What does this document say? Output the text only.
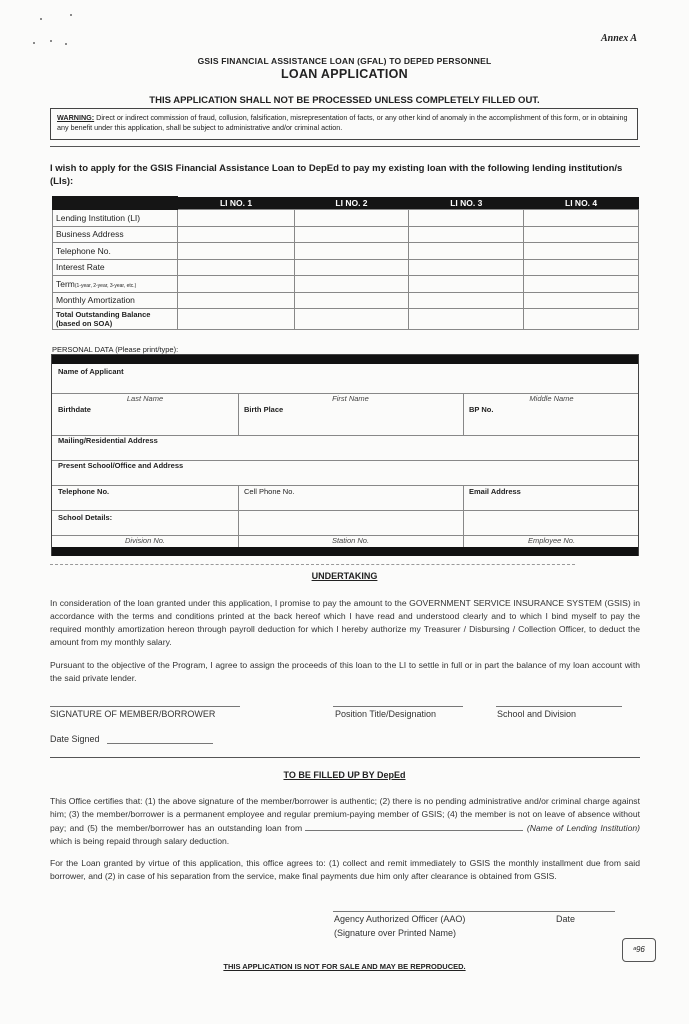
Annex A
GSIS FINANCIAL ASSISTANCE LOAN (GFAL) TO DEPED PERSONNEL
LOAN APPLICATION
THIS APPLICATION SHALL NOT BE PROCESSED UNLESS COMPLETELY FILLED OUT.
WARNING: Direct or indirect commission of fraud, collusion, falsification, misrepresentation of facts, or any other kind of anomaly in the accomplishment of this form, or in obtaining any benefit under this application, shall be subject to administrative and/or criminal action.
I wish to apply for the GSIS Financial Assistance Loan to DepEd to pay my existing loan with the following lending institution/s (LIs):
	LI NO. 1	LI NO. 2	LI NO. 3	LI NO. 4
Lending Institution (LI)				
Business Address				
Telephone No.				
Interest Rate				
Term(1-year, 2-year, 3-year, etc.)				
Monthly Amortization				
Total Outstanding Balance (based on SOA)				
PERSONAL DATA (Please print/type):
Name of Applicant
Last Name	First Name	Middle Name
Birthdate	Birth Place	BP No.
Mailing/Residential Address
Present School/Office and Address
Telephone No.	Cell Phone No.	Email Address
School Details:
Division No.	Station No.	Employee No.
UNDERTAKING
In consideration of the loan granted under this application, I promise to pay the amount to the GOVERNMENT SERVICE INSURANCE SYSTEM (GSIS) in accordance with the terms and conditions printed at the back hereof which I have read and understood clearly and to which I bind myself to pay the required monthly amortization hereon through payroll deduction for which I hereby authorize my Treasurer / Disbursing / Collection Officer, to deduct the amount from my monthly salary.
Pursuant to the objective of the Program, I agree to assign the proceeds of this loan to the LI to settle in full or in part the balance of my loan account with the said private lender.
SIGNATURE OF MEMBER/BORROWER	Position Title/Designation	School and Division
Date Signed
TO BE FILLED UP BY DepEd
This Office certifies that: (1) the above signature of the member/borrower is authentic; (2) there is no pending administrative and/or criminal charge against him; (3) the member/borrower is a permanent employee and regular premium-paying member of GSIS; (4) the member is not on leave of absence without pay; and (5) the member/borrower has an outstanding loan from	(Name of Lending Institution) which is being repaid through salary deduction.
For the Loan granted by virtue of this application, this office agrees to: (1) collect and remit immediately to GSIS the monthly installment due from said borrower, and (2) in case of his separation from the service, make final payments due him only after clearance is obtained from GSIS.
Agency Authorized Officer (AAO)	Date
(Signature over Printed Name)
ᵃ96
THIS APPLICATION IS NOT FOR SALE AND MAY BE REPRODUCED.
